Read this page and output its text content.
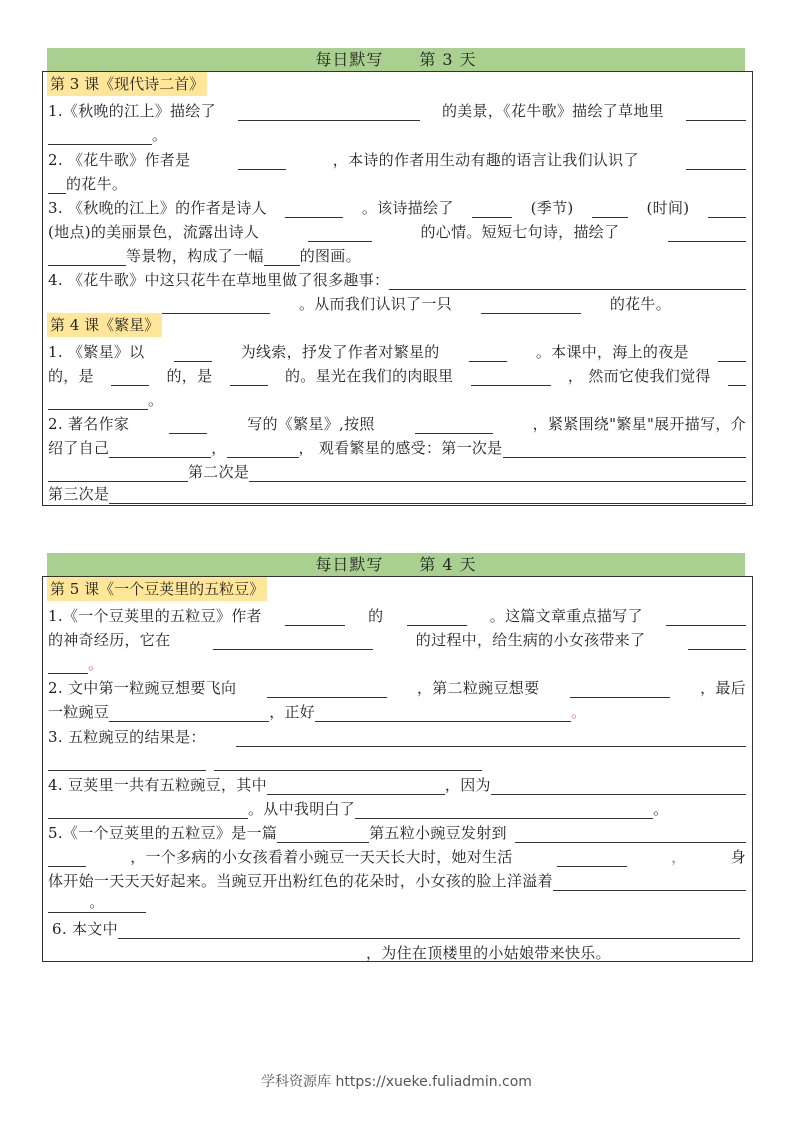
每日默写 第 3 天
第 3 课《现代诗二首》
1.《秋晚的江上》描绘了	的美景，《花牛歌》描绘了草地里
。
2. 《花牛歌》作者是	，本诗的作者用生动有趣的语言让我们认识了
的花牛。
3. 《秋晚的江上》的作者是诗人	。该诗描绘了	(季节)	(时间)
(地点)的美丽景色，流露出诗人	的心情。短短七句诗，描绘了
等景物，构成了一幅 的图画。
4. 《花牛歌》中这只花牛在草地里做了很多趣事：
。从而我们认识了一只	的花牛。
第 4 课《繁星》
1. 《繁星》以	为线索，抒发了作者对繁星的	。本课中，海上的夜是
的，是	的，是	的。星光在我们的肉眼里	， 然而它使我们觉得
。
2. 著名作家	写的《繁星》,按照	，紧紧围绕"繁星"展开描写，介
绍了自己	，	， 观看繁星的感受：第一次是
第二次是
第三次是
每日默写 第 4 天
第 5 课《一个豆荚里的五粒豆》
1.《一个豆荚里的五粒豆》作者	的	。这篇文章重点描写了
的神奇经历，它在	的过程中，给生病的小女孩带来了
。
2. 文中第一粒豌豆想要飞向	，第二粒豌豆想要	，最后
一粒豌豆	，正好	。
3. 五粒豌豆的结果是：
4. 豆荚里一共有五粒豌豆，其中	，因为
。从中我明白了	。
5.《一个豆荚里的五粒豆》是一篇	第五粒小豌豆发射到
，一个多病的小女孩看着小豌豆一天天长大时，她对生活	，	身
体开始一天天天好起来。当豌豆开出粉红色的花朵时，小女孩的脸上洋溢着
。
6. 本文中
，为住在顶楼里的小姑娘带来快乐。
学科资源库 https://xueke.fuliadmin.com
